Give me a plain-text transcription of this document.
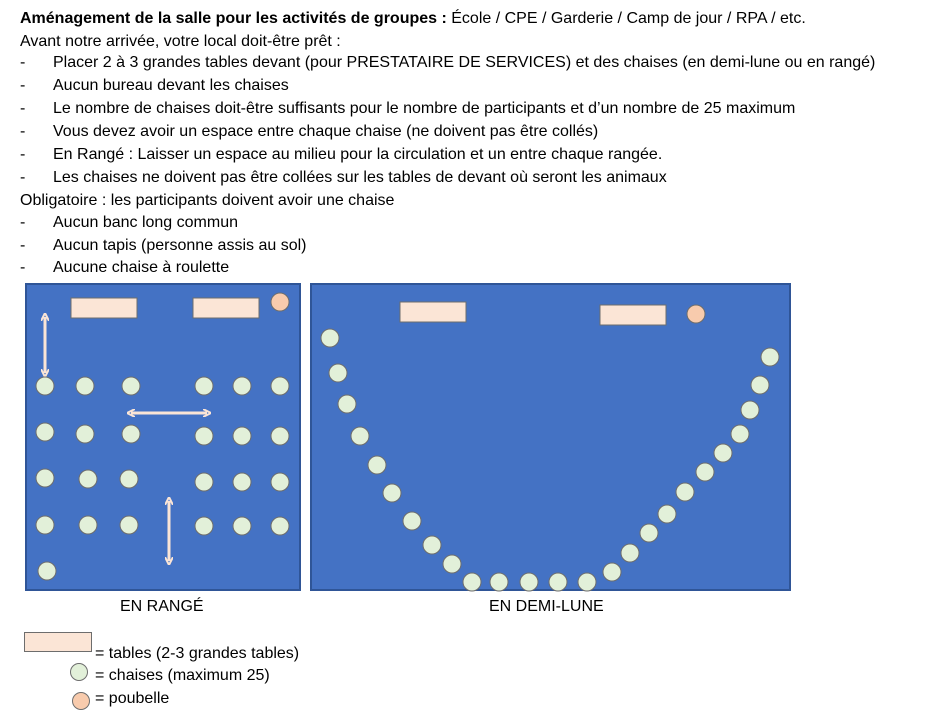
Aménagement de la salle pour les activités de groupes : École / CPE / Garderie / Camp de jour / RPA / etc.
Avant notre arrivée, votre local doit-être prêt :
- Placer 2 à 3 grandes tables devant (pour PRESTATAIRE DE SERVICES) et des chaises (en demi-lune ou en rangé)
- Aucun bureau devant les chaises
- Le nombre de chaises doit-être suffisants pour le nombre de participants et d’un nombre de 25 maximum
- Vous devez avoir un espace entre chaque chaise (ne doivent pas être collés)
- En Rangé : Laisser un espace au milieu pour la circulation et un entre chaque rangée.
- Les chaises ne doivent pas être collées sur les tables de devant où seront les animaux
Obligatoire : les participants doivent avoir une chaise
- Aucun banc long commun
- Aucun tapis (personne assis au sol)
- Aucune chaise à roulette
EN RANGÉ	EN DEMI-LUNE
= tables (2-3 grandes tables)
= chaises (maximum 25)
= poubelle
